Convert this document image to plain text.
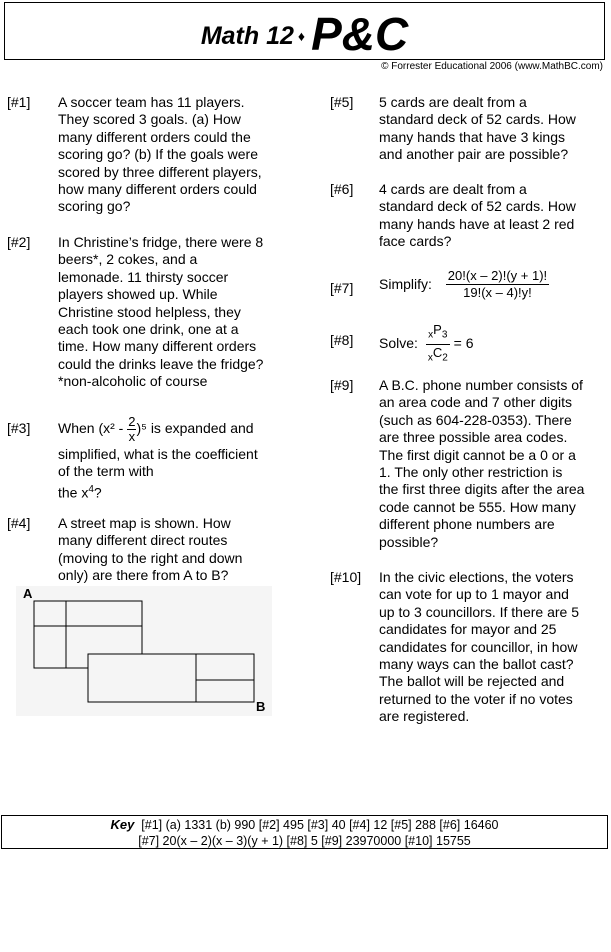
Math 12 ♦ P&C
© Forrester Educational 2006 (www.MathBC.com)
[#1] A soccer team has 11 players.
They scored 3 goals. (a) How
many different orders could the
scoring go? (b) If the goals were
scored by three different players,
how many different orders could
scoring go?
[#2] In Christine’s fridge, there were 8
beers*, 2 cokes, and a
lemonade. 11 thirsty soccer
players showed up. While
Christine stood helpless, they
each took one drink, one at a
time. How many different orders
could the drinks leave the fridge?
*non-alcoholic of course
[#3] When $(x^2 - \frac{2}{x} )^5$ is expanded and
simplified, what is the coefficient
of the term with
the $x^4$?
[#4] A street map is shown. How
many different direct routes
(moving to the right and down
only) are there from A to B?
A
B
[#5] 5 cards are dealt from a
standard deck of 52 cards. How
many hands that have 3 kings
and another pair are possible?
[#6] 4 cards are dealt from a
standard deck of 52 cards. How
many hands have at least 2 red
face cards?
[#7] Simplify: $\frac{20!(x - 2)!(y + 1)!}{19!(x - 4)!y!}$
[#8] Solve: $\frac{_xP_3}{_xC_2} = 6$
[#9] A B.C. phone number consists of
an area code and 7 other digits
(such as 604-228-0353). There
are three possible area codes.
The first digit cannot be a 0 or a
1. The only other restriction is
the first three digits after the area
code cannot be 555. How many
different phone numbers are
possible?
[#10] In the civic elections, the voters
can vote for up to 1 mayor and
up to 3 councillors. If there are 5
candidates for mayor and 25
candidates for councillor, in how
many ways can the ballot cast?
The ballot will be rejected and
returned to the voter if no votes
are registered.
Key [#1] (a) 1331 (b) 990 [#2] 495 [#3] 40 [#4] 12 [#5] 288 [#6] 16460
[#7] 20(x – 2)(x – 3)(y + 1) [#8] 5 [#9] 23970000 [#10] 15755
